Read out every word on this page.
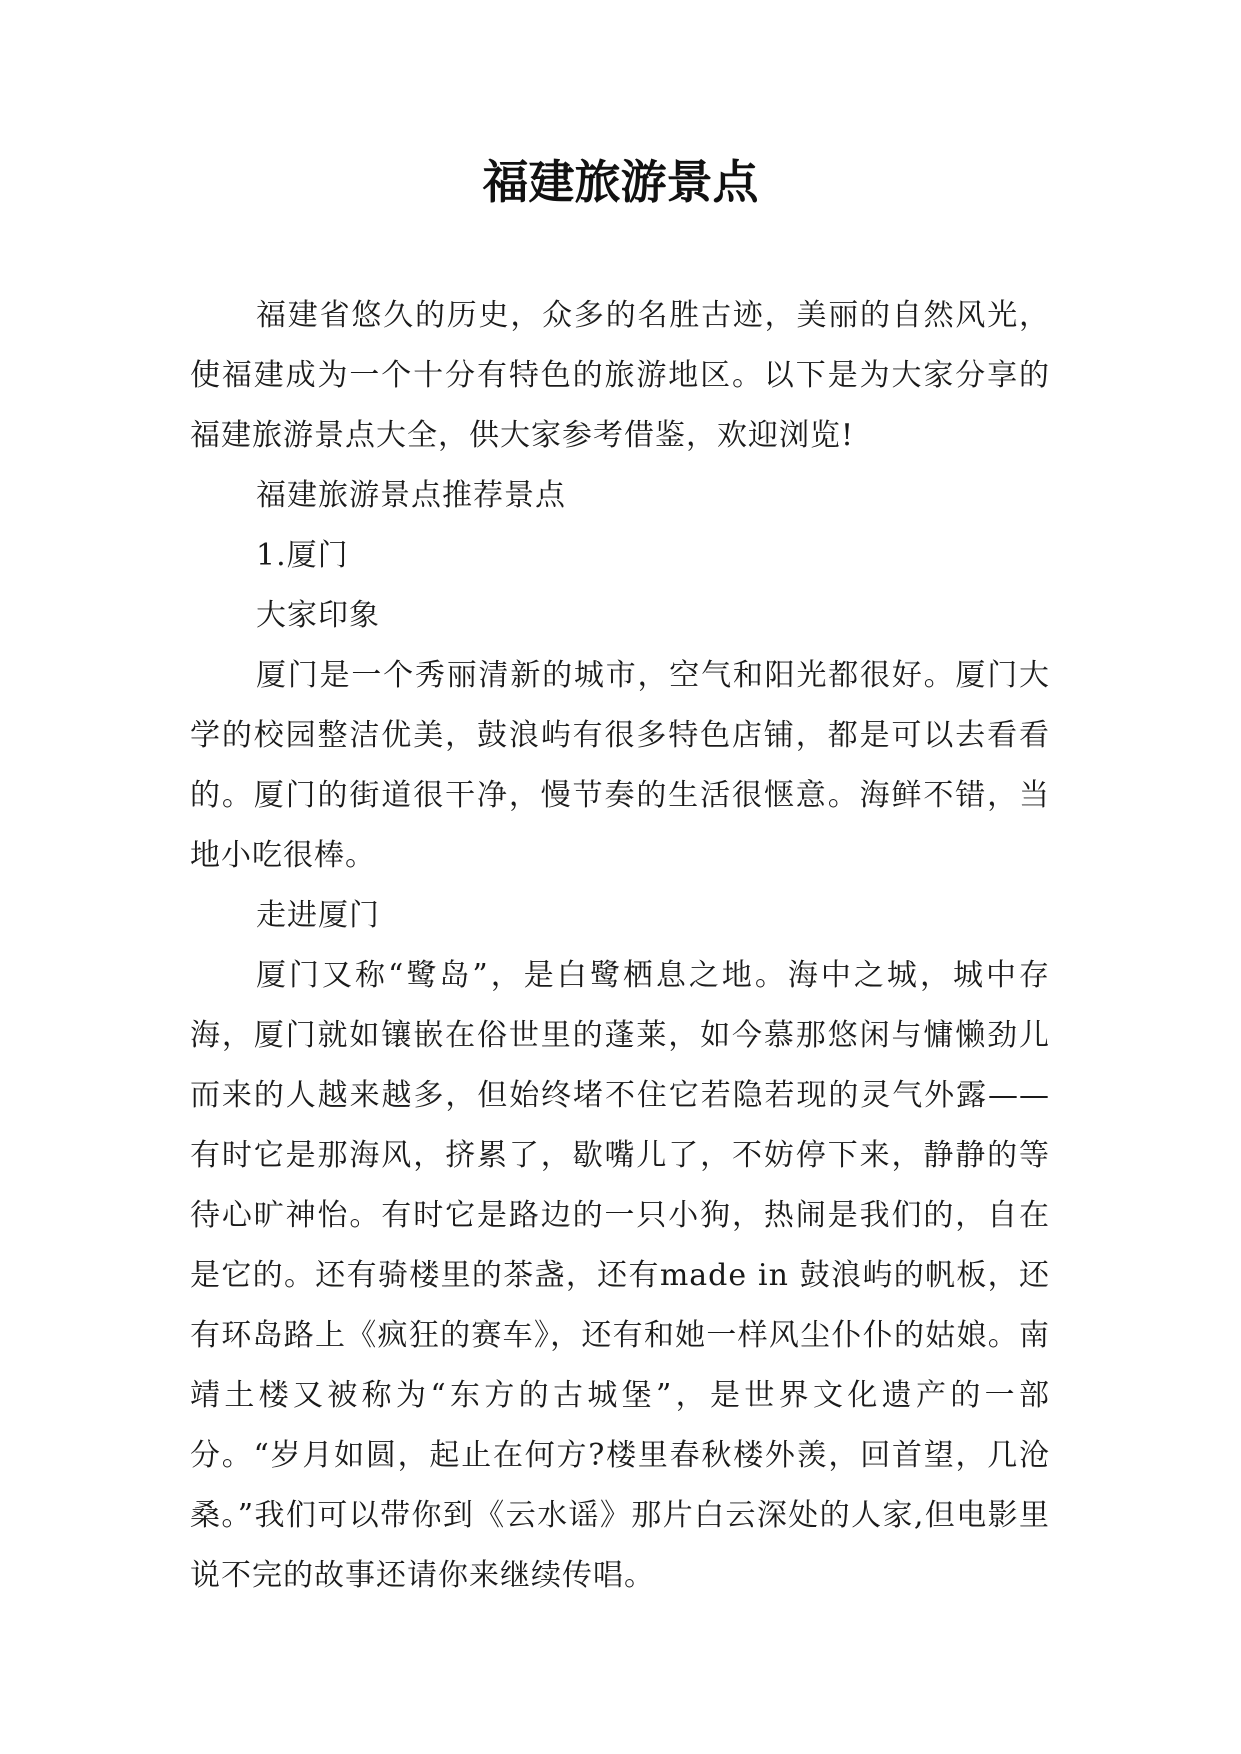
福建旅游景点

福建省悠久的历史，众多的名胜古迹，美丽的自然风光，使福建成为一个十分有特色的旅游地区。以下是为大家分享的福建旅游景点大全，供大家参考借鉴，欢迎浏览!

福建旅游景点推荐景点

1.厦门

大家印象

厦门是一个秀丽清新的城市，空气和阳光都很好。厦门大学的校园整洁优美，鼓浪屿有很多特色店铺，都是可以去看看的。厦门的街道很干净，慢节奏的生活很惬意。海鲜不错，当地小吃很棒。

走进厦门

厦门又称“鹭岛”，是白鹭栖息之地。海中之城，城中存海，厦门就如镶嵌在俗世里的蓬莱，如今慕那悠闲与慵懒劲儿而来的人越来越多，但始终堵不住它若隐若现的灵气外露——有时它是那海风，挤累了，歇嘴儿了，不妨停下来，静静的等待心旷神怡。有时它是路边的一只小狗，热闹是我们的，自在是它的。还有骑楼里的茶盏，还有made in 鼓浪屿的帆板，还有环岛路上《疯狂的赛车》，还有和她一样风尘仆仆的姑娘。南靖土楼又被称为“东方的古城堡”，是世界文化遗产的一部分。“岁月如圆，起止在何方?楼里春秋楼外羡，回首望，几沧桑。”我们可以带你到《云水谣》那片白云深处的人家,但电影里说不完的故事还请你来继续传唱。
